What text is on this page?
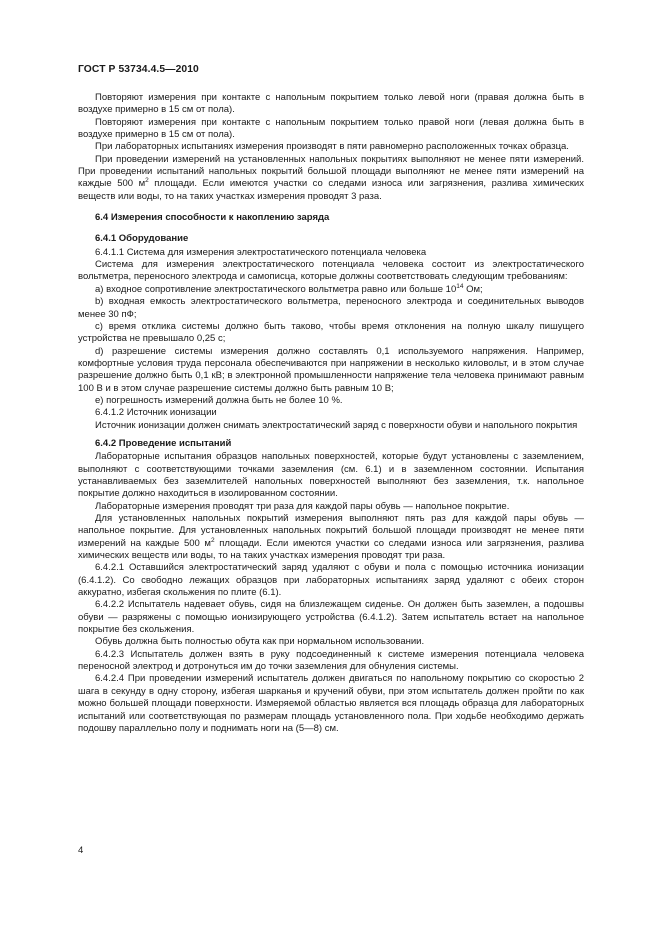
ГОСТ Р 53734.4.5—2010

Повторяют измерения при контакте с напольным покрытием только левой ноги (правая должна быть в воздухе примерно в 15 см от пола).

Повторяют измерения при контакте с напольным покрытием только правой ноги (левая должна быть в воздухе примерно в 15 см от пола).

При лабораторных испытаниях измерения производят в пяти равномерно расположенных точках образца.

При проведении измерений на установленных напольных покрытиях выполняют не менее пяти измерений. При проведении испытаний напольных покрытий большой площади выполняют не менее пяти измерений на каждые 500 $м^2$ площади. Если имеются участки со следами износа или загрязнения, разлива химических веществ или воды, то на таких участках измерения проводят 3 раза.

6.4 Измерения способности к накоплению заряда
6.4.1 Оборудование

6.4.1.1 Система для измерения электростатического потенциала человека

Система для измерения электростатического потенциала человека состоит из электростатического вольтметра, переносного электрода и самописца, которые должны соответствовать следующим требованиям:

a) входное сопротивление электростатического вольтметра равно или больше $10^{14}$ Ом;

b) входная емкость электростатического вольтметра, переносного электрода и соединительных выводов менее 30 пФ;

c) время отклика системы должно быть таково, чтобы время отклонения на полную шкалу пишущего устройства не превышало 0,25 с;

d) разрешение системы измерения должно составлять 0,1 используемого напряжения. Например, комфортные условия труда персонала обеспечиваются при напряжении в несколько киловольт, и в этом случае разрешение должно быть 0,1 кВ; в электронной промышленности напряжение тела человека принимают равным 100 В и в этом случае разрешение системы должно быть равным 10 В;

e) погрешность измерений должна быть не более 10 %.

6.4.1.2 Источник ионизации

Источник ионизации должен снимать электростатический заряд с поверхности обуви и напольного покрытия

6.4.2 Проведение испытаний

Лабораторные испытания образцов напольных поверхностей, которые будут установлены с заземлением, выполняют с соответствующими точками заземления (см. 6.1) и в заземленном состоянии. Испытания устанавливаемых без заземлителей напольных поверхностей выполняют без заземления, т.к. напольное покрытие должно находиться в изолированном состоянии.

Лабораторные измерения проводят три раза для каждой пары обувь — напольное покрытие.

Для установленных напольных покрытий измерения выполняют пять раз для каждой пары обувь — напольное покрытие. Для установленных напольных покрытий большой площади производят не менее пяти измерений на каждые 500 $м^2$ площади. Если имеются участки со следами износа или загрязнения, разлива химических веществ или воды, то на таких участках измерения проводят три раза.

6.4.2.1 Оставшийся электростатический заряд удаляют с обуви и пола с помощью источника ионизации (6.4.1.2). Со свободно лежащих образцов при лабораторных испытаниях заряд удаляют с обеих сторон аккуратно, избегая скольжения по плите (6.1).

6.4.2.2 Испытатель надевает обувь, сидя на близлежащем сиденье. Он должен быть заземлен, а подошвы обуви — разряжены с помощью ионизирующего устройства (6.4.1.2). Затем испытатель встает на напольное покрытие без скольжения.

Обувь должна быть полностью обута как при нормальном использовании.

6.4.2.3 Испытатель должен взять в руку подсоединенный к системе измерения потенциала человека переносной электрод и дотронуться им до точки заземления для обнуления системы.

6.4.2.4 При проведении измерений испытатель должен двигаться по напольному покрытию со скоростью 2 шага в секунду в одну сторону, избегая шарканья и кручений обуви, при этом испытатель должен пройти по как можно большей площади поверхности. Измеряемой областью является вся площадь образца для лабораторных испытаний или соответствующая по размерам площадь установленного пола. При ходьбе необходимо держать подошву параллельно полу и поднимать ноги на (5—8) см.

4
